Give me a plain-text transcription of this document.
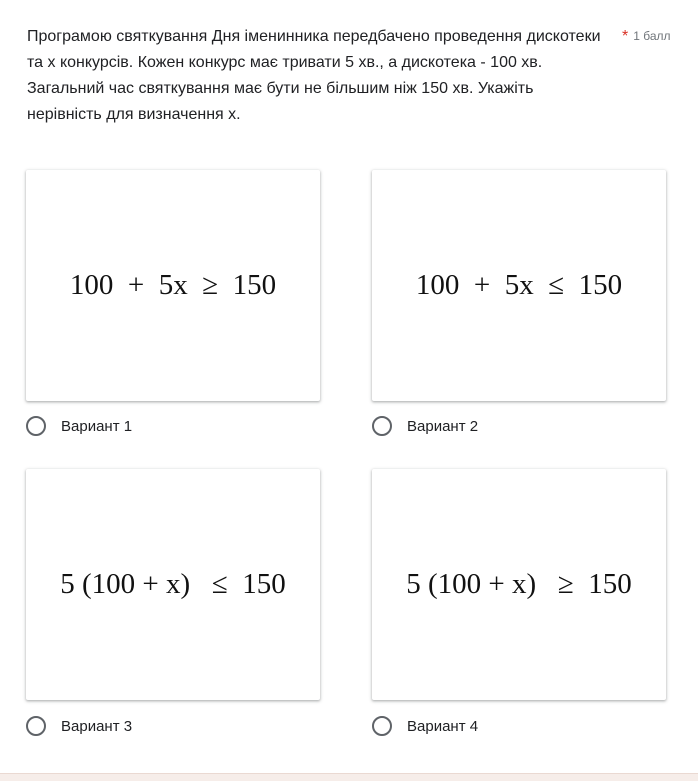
Програмою святкування Дня іменинника передбачено проведення дискотеки та х конкурсів. Кожен конкурс має тривати 5 хв., а дискотека - 100 хв. Загальний час святкування має бути не більшим ніж 150 хв. Укажіть нерівність для визначення х.

* 1 балл
100  +  5x  ≥  150
Вариант 1
100  +  5x  ≤  150
Вариант 2
5 (100 + x)   ≤  150
Вариант 3
5 (100 + x)   ≥  150
Вариант 4
